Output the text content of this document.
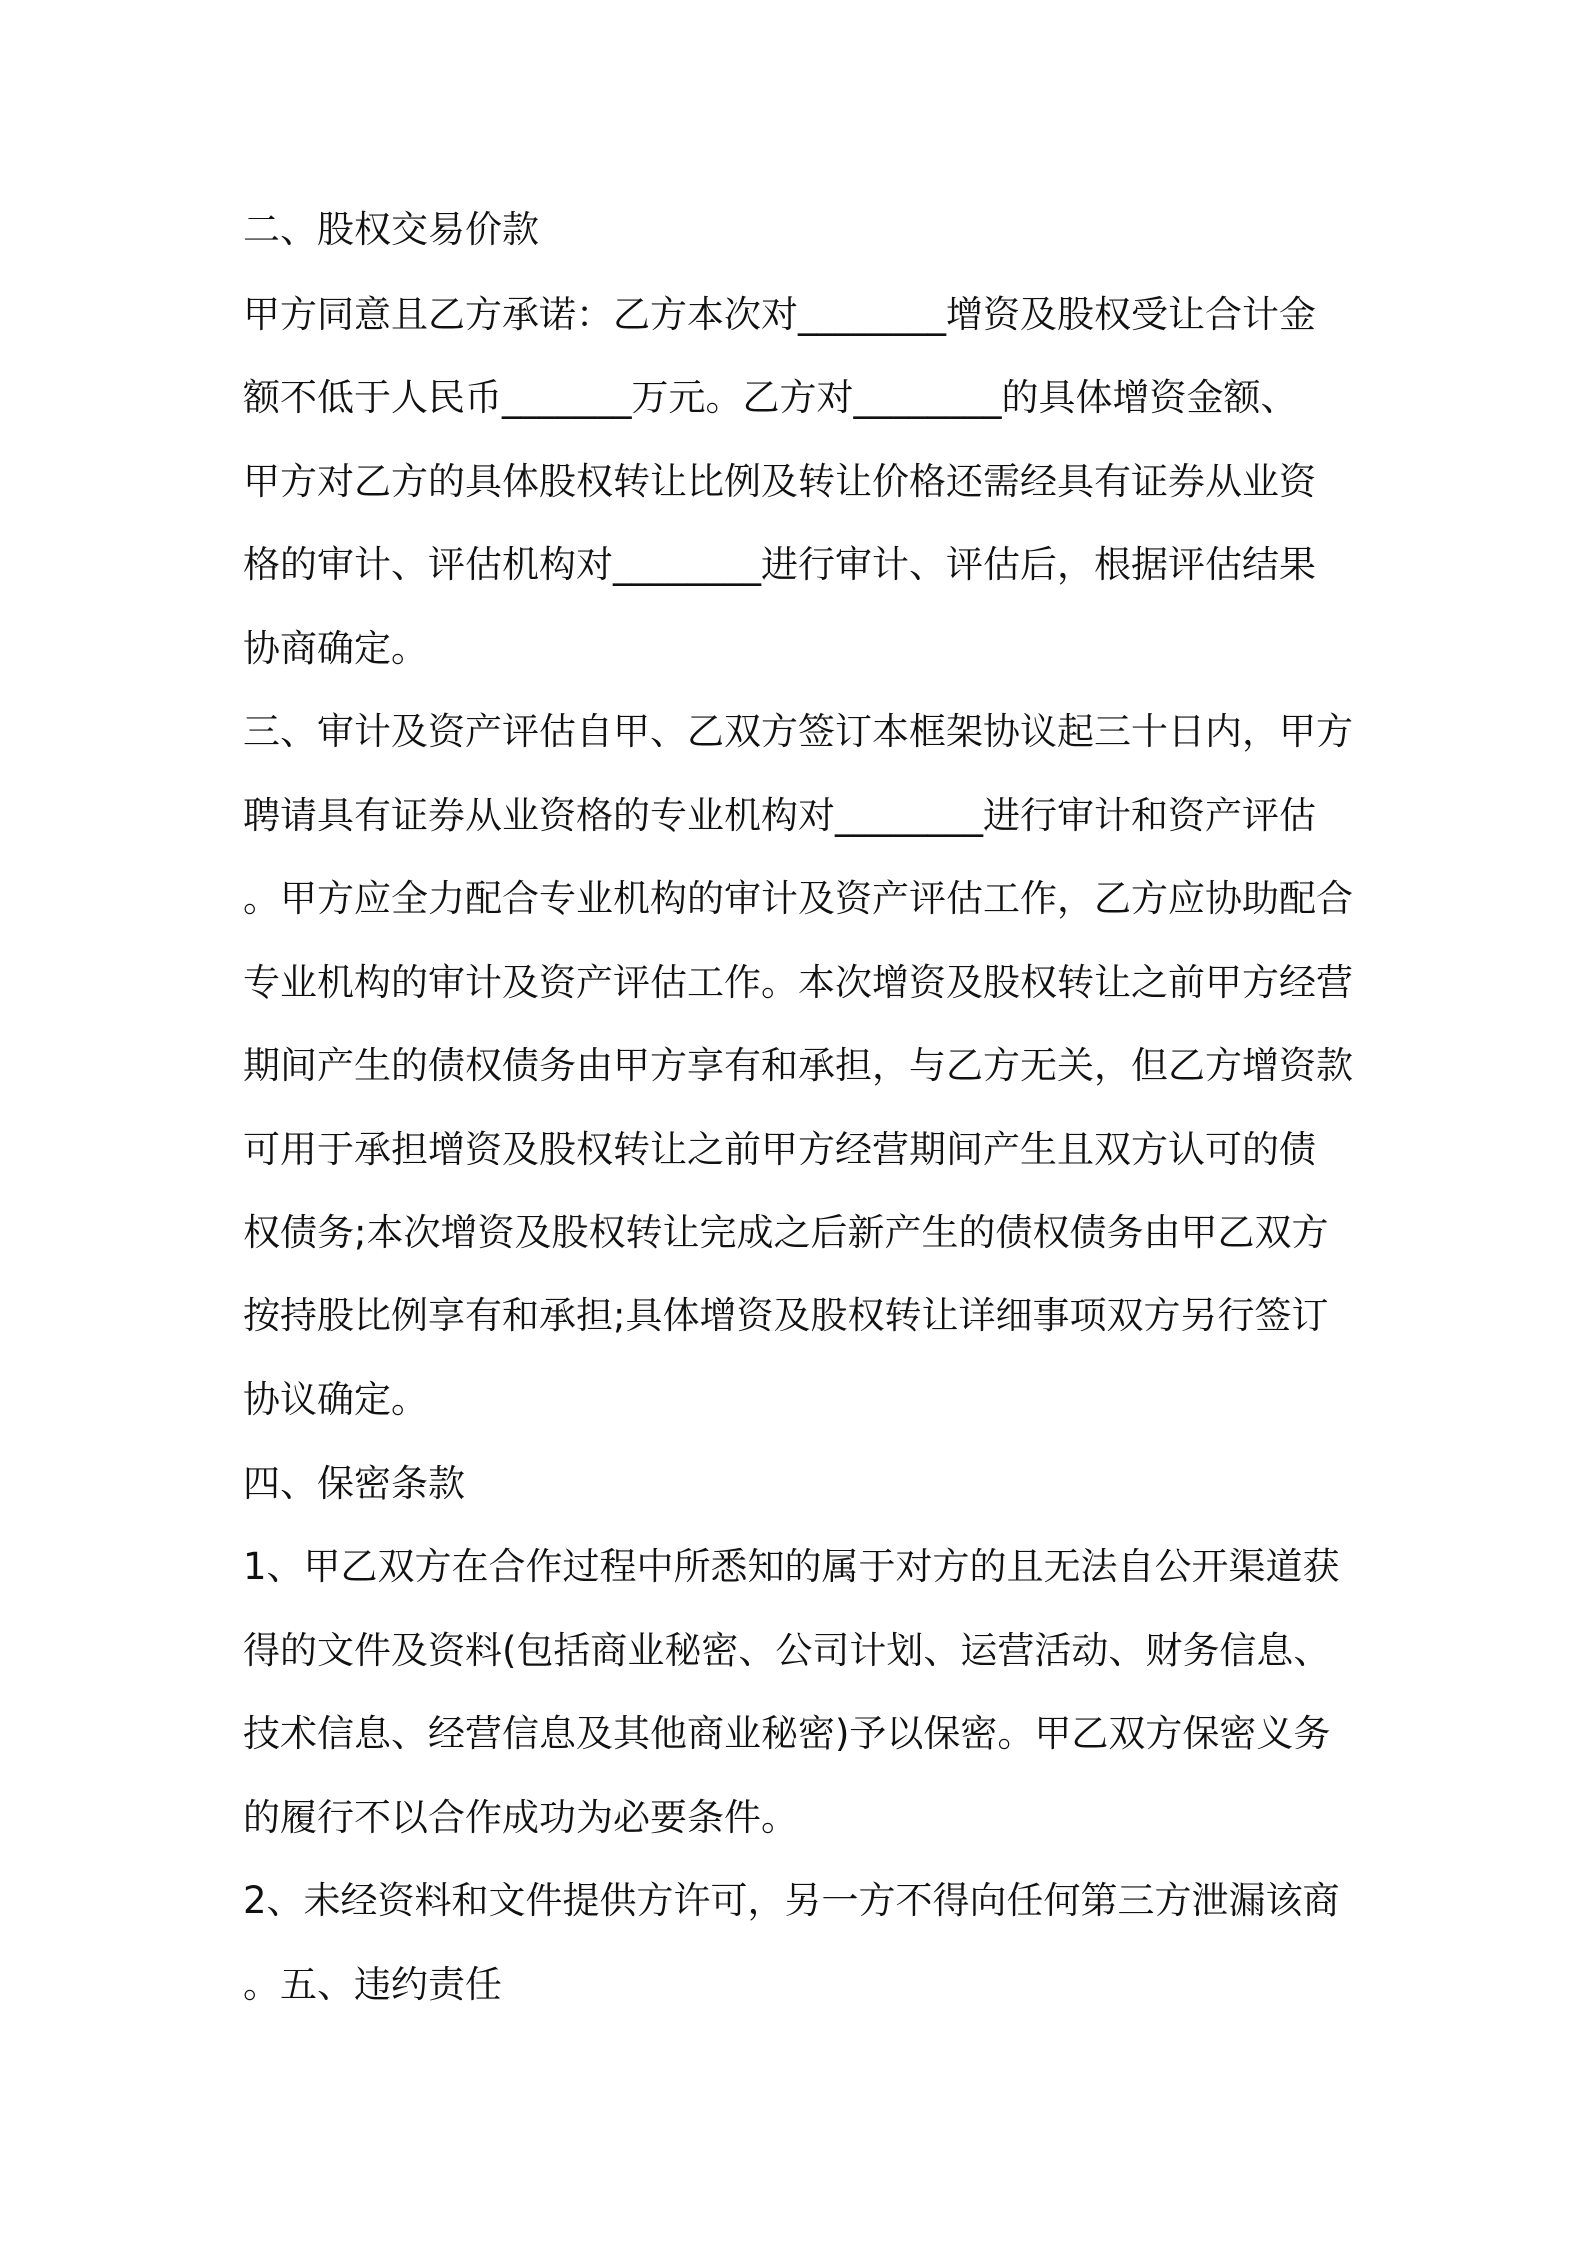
二、股权交易价款
甲方同意且乙方承诺：乙方本次对________增资及股权受让合计金
额不低于人民币_______万元。乙方对________的具体增资金额、
甲方对乙方的具体股权转让比例及转让价格还需经具有证券从业资
格的审计、评估机构对________进行审计、评估后，根据评估结果
协商确定。
三、审计及资产评估自甲、乙双方签订本框架协议起三十日内，甲方
聘请具有证券从业资格的专业机构对________进行审计和资产评估
。甲方应全力配合专业机构的审计及资产评估工作，乙方应协助配合
专业机构的审计及资产评估工作。本次增资及股权转让之前甲方经营
期间产生的债权债务由甲方享有和承担，与乙方无关，但乙方增资款
可用于承担增资及股权转让之前甲方经营期间产生且双方认可的债
权债务;本次增资及股权转让完成之后新产生的债权债务由甲乙双方
按持股比例享有和承担;具体增资及股权转让详细事项双方另行签订
协议确定。
四、保密条款
1、甲乙双方在合作过程中所悉知的属于对方的且无法自公开渠道获
得的文件及资料(包括商业秘密、公司计划、运营活动、财务信息、
技术信息、经营信息及其他商业秘密)予以保密。甲乙双方保密义务
的履行不以合作成功为必要条件。
2、未经资料和文件提供方许可，另一方不得向任何第三方泄漏该商
。五、违约责任
